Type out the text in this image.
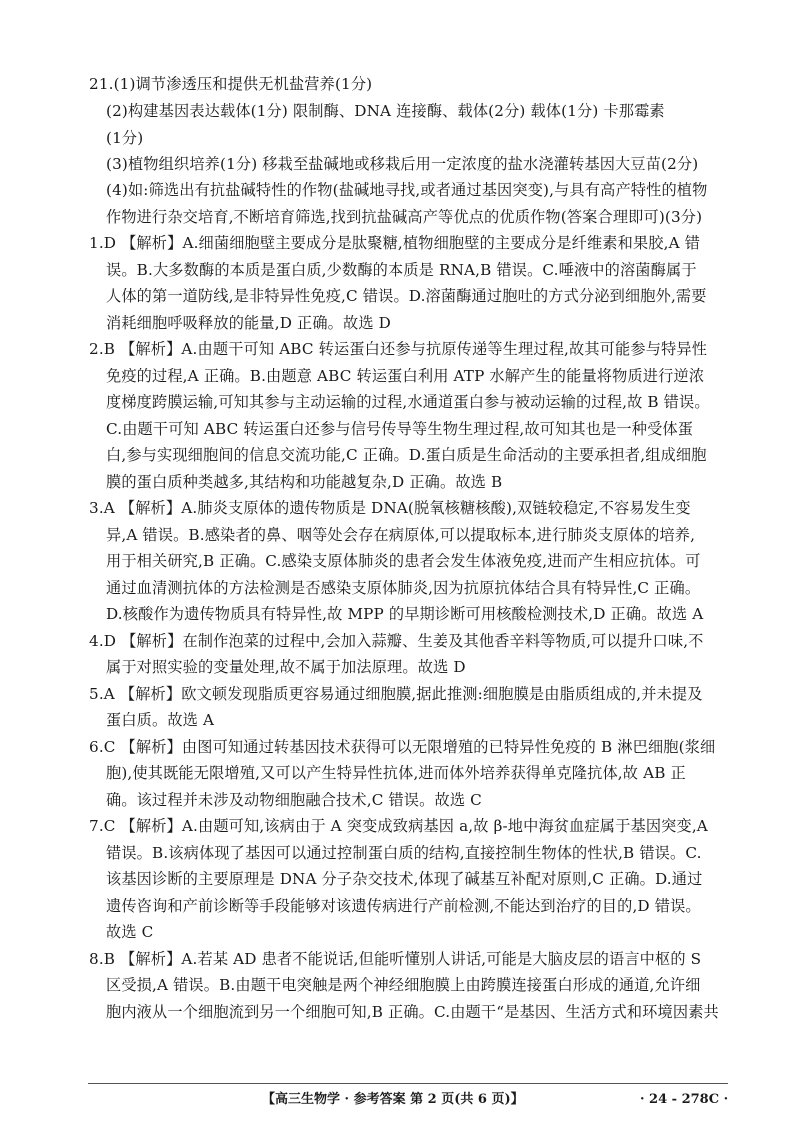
21.(1)调节渗透压和提供无机盐营养(1分)
(2)构建基因表达载体(1分) 限制酶、DNA 连接酶、载体(2分) 载体(1分) 卡那霉素
(1分)
(3)植物组织培养(1分) 移栽至盐碱地或移栽后用一定浓度的盐水浇灌转基因大豆苗(2分)
(4)如:筛选出有抗盐碱特性的作物(盐碱地寻找,或者通过基因突变),与具有高产特性的植物
作物进行杂交培育,不断培育筛选,找到抗盐碱高产等优点的优质作物(答案合理即可)(3分)
1.D 【解析】A.细菌细胞壁主要成分是肽聚糖,植物细胞壁的主要成分是纤维素和果胶,A 错
误。B.大多数酶的本质是蛋白质,少数酶的本质是 RNA,B 错误。C.唾液中的溶菌酶属于
人体的第一道防线,是非特异性免疫,C 错误。D.溶菌酶通过胞吐的方式分泌到细胞外,需要
消耗细胞呼吸释放的能量,D 正确。故选 D
2.B 【解析】A.由题干可知 ABC 转运蛋白还参与抗原传递等生理过程,故其可能参与特异性
免疫的过程,A 正确。B.由题意 ABC 转运蛋白利用 ATP 水解产生的能量将物质进行逆浓
度梯度跨膜运输,可知其参与主动运输的过程,水通道蛋白参与被动运输的过程,故 B 错误。
C.由题干可知 ABC 转运蛋白还参与信号传导等生物生理过程,故可知其也是一种受体蛋
白,参与实现细胞间的信息交流功能,C 正确。D.蛋白质是生命活动的主要承担者,组成细胞
膜的蛋白质种类越多,其结构和功能越复杂,D 正确。故选 B
3.A 【解析】A.肺炎支原体的遗传物质是 DNA(脱氧核糖核酸),双链较稳定,不容易发生变
异,A 错误。B.感染者的鼻、咽等处会存在病原体,可以提取标本,进行肺炎支原体的培养,
用于相关研究,B 正确。C.感染支原体肺炎的患者会发生体液免疫,进而产生相应抗体。可
通过血清测抗体的方法检测是否感染支原体肺炎,因为抗原抗体结合具有特异性,C 正确。
D.核酸作为遗传物质具有特异性,故 MPP 的早期诊断可用核酸检测技术,D 正确。故选 A
4.D 【解析】在制作泡菜的过程中,会加入蒜瓣、生姜及其他香辛料等物质,可以提升口味,不
属于对照实验的变量处理,故不属于加法原理。故选 D
5.A 【解析】欧文顿发现脂质更容易通过细胞膜,据此推测:细胞膜是由脂质组成的,并未提及
蛋白质。故选 A
6.C 【解析】由图可知通过转基因技术获得可以无限增殖的已特异性免疫的 B 淋巴细胞(浆细
胞),使其既能无限增殖,又可以产生特异性抗体,进而体外培养获得单克隆抗体,故 AB 正
确。该过程并未涉及动物细胞融合技术,C 错误。故选 C
7.C 【解析】A.由题可知,该病由于 A 突变成致病基因 a,故 β-地中海贫血症属于基因突变,A
错误。B.该病体现了基因可以通过控制蛋白质的结构,直接控制生物体的性状,B 错误。C.
该基因诊断的主要原理是 DNA 分子杂交技术,体现了碱基互补配对原则,C 正确。D.通过
遗传咨询和产前诊断等手段能够对该遗传病进行产前检测,不能达到治疗的目的,D 错误。
故选 C
8.B 【解析】A.若某 AD 患者不能说话,但能听懂别人讲话,可能是大脑皮层的语言中枢的 S
区受损,A 错误。B.由题干电突触是两个神经细胞膜上由跨膜连接蛋白形成的通道,允许细
胞内液从一个细胞流到另一个细胞可知,B 正确。C.由题干“是基因、生活方式和环境因素共
【高三生物学 · 参考答案 第 2 页(共 6 页)】	· 24 - 278C ·
